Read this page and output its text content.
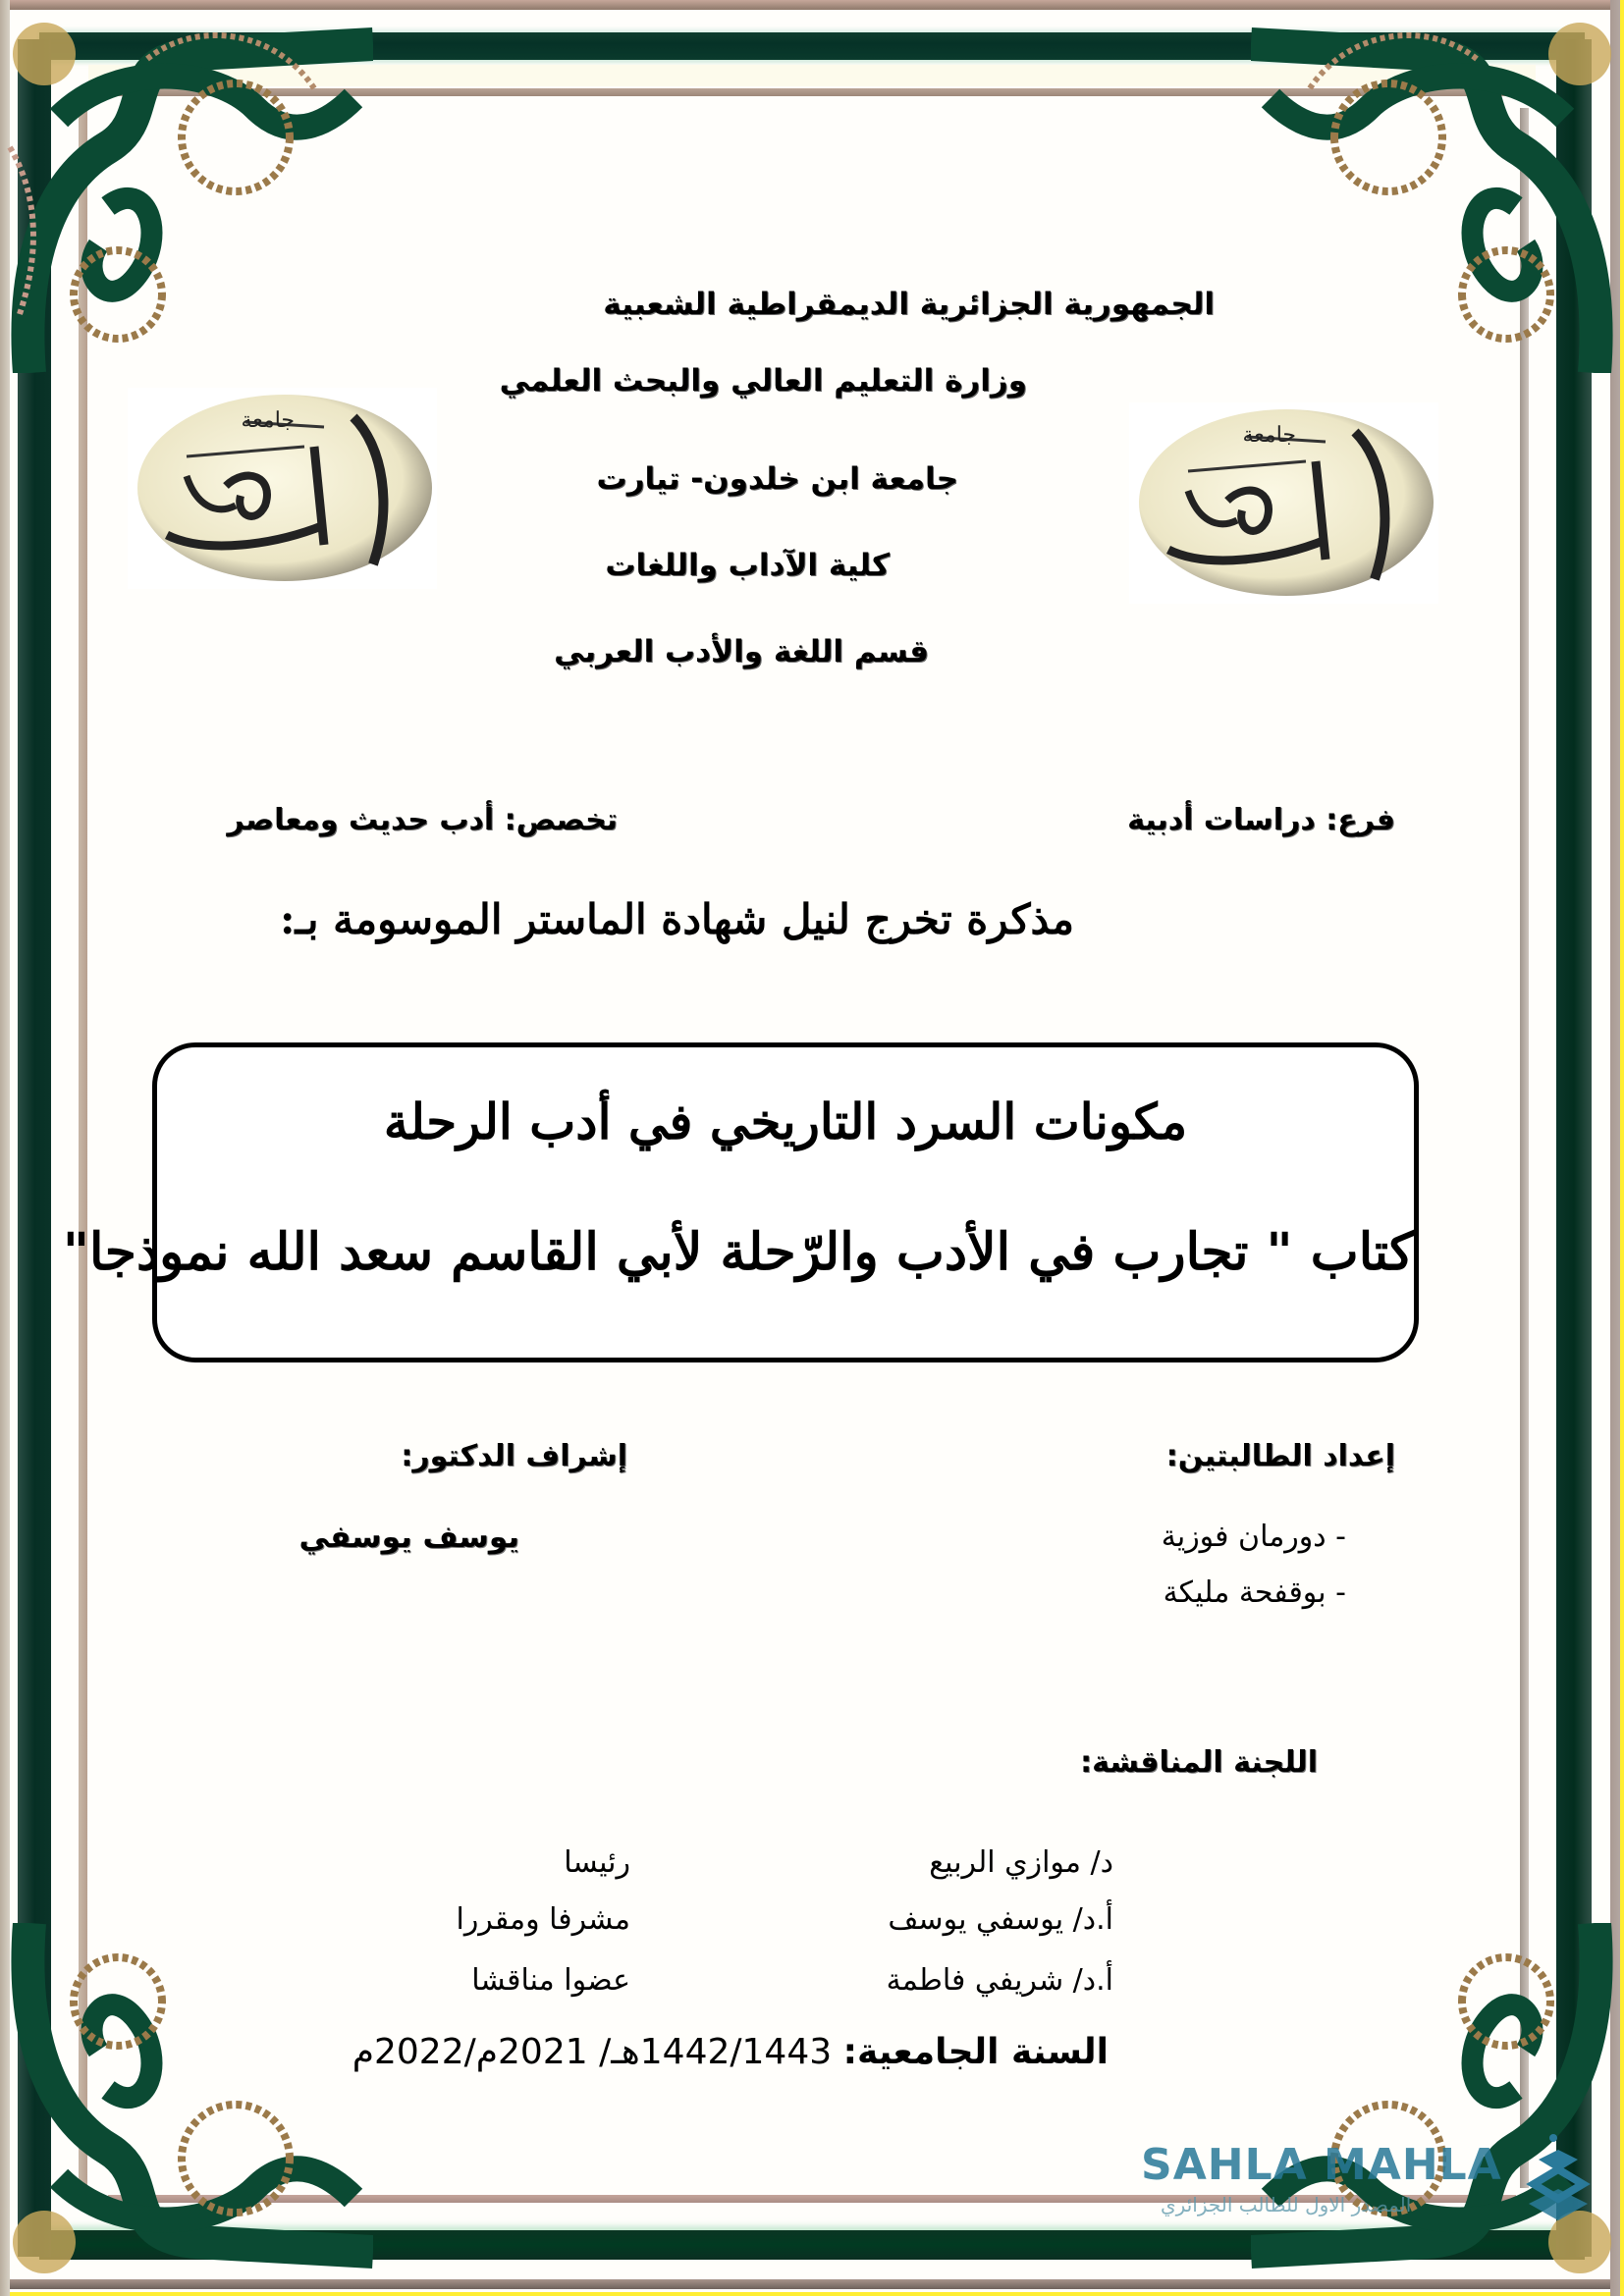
جامعة
جامعة
الجمهورية الجزائرية الديمقراطية الشعبية
وزارة التعليم العالي والبحث العلمي
جامعة ابن خلدون- تيارت
كلية الآداب واللغات
قسم اللغة والأدب العربي
فرع: دراسات أدبية
تخصص: أدب حديث ومعاصر
مذكرة تخرج لنيل شهادة الماستر الموسومة بـ:
مكونات السرد التاريخي في أدب الرحلة
كتاب " تجارب في الأدب والرّحلة لأبي القاسم سعد الله نموذجا"
إعداد الطالبتين:
- دورمان فوزية
- بوقفحة مليكة
إشراف الدكتور:
يوسف يوسفي
اللجنة المناقشة:
د/ موازي الربيع
رئيسا
أ.د/ يوسفي يوسف
مشرفا ومقررا
أ.د/ شريفي فاطمة
عضوا مناقشا
السنة الجامعية: 1442/1443هـ/ 2021م/2022م
SAHLA MAHLA
المصدر الاول للطالب الجزائري
